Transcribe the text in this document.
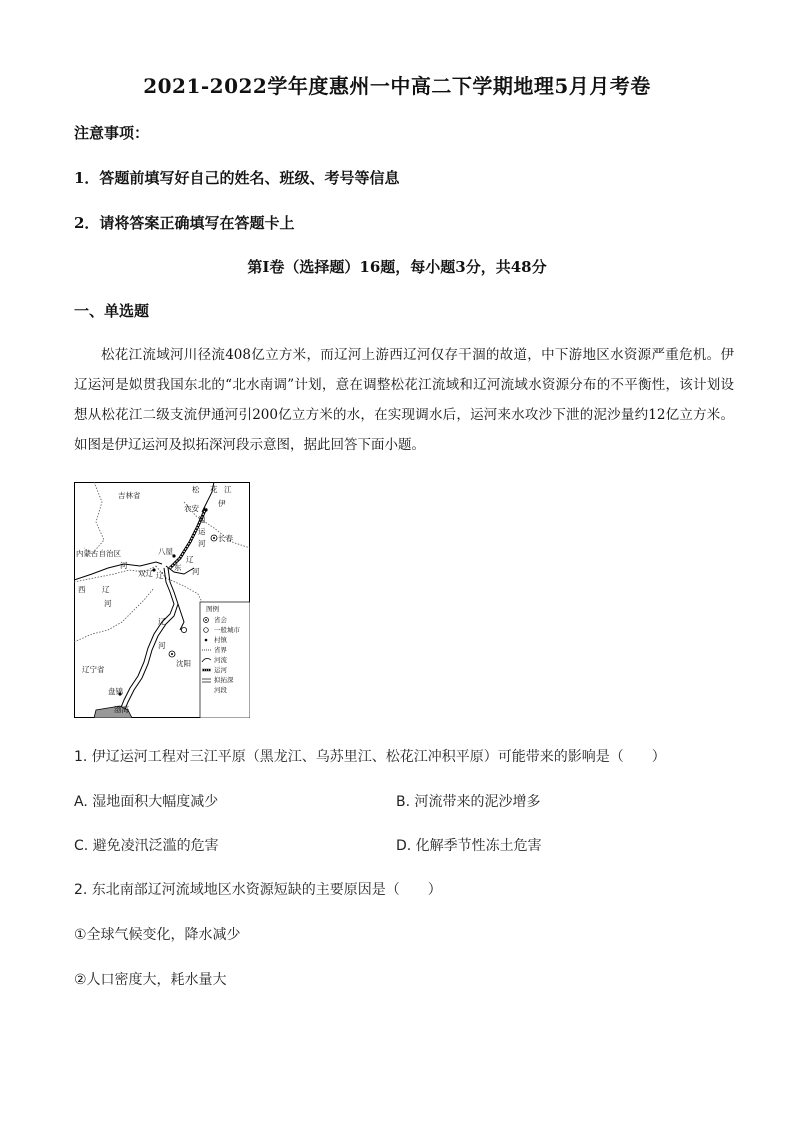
2021-2022学年度惠州一中高二下学期地理5月月考卷
注意事项：
1．答题前填写好自己的姓名、班级、考号等信息
2．请将答案正确填写在答题卡上
第Ⅰ卷（选择题）16题，每小题3分，共48分
一、单选题
松花江流域河川径流408亿立方米，而辽河上游西辽河仅存干涸的故道，中下游地区水资源严重危机。伊辽运河是姒贯我国东北的“北水南调”计划，意在调整松花江流域和辽河流域水资源分布的不平衡性，该计划设想从松花江二级支流伊通河引200亿立方米的水，在实现调水后，运河来水攻沙下泄的泥沙量约12亿立方米。如图是伊辽运河及拟拓深河段示意图，据此回答下面小题。
吉林省
内蒙古自治区
辽宁省
农安
长春
八屋
双辽
沈阳
盘锦
渤海
松 花 江
伊
通
运
河
辽
河
东
辽
河
西 辽
河
辽
河
图例
省会
一般城市
村镇
省界
河流
运河
拟拓深
河段
1. 伊辽运河工程对三江平原（黑龙江、乌苏里江、松花江冲积平原）可能带来的影响是（　　）
A. 湿地面积大幅度减少	B. 河流带来的泥沙增多
C. 避免凌汛泛滥的危害	D. 化解季节性冻土危害
2. 东北南部辽河流域地区水资源短缺的主要原因是（　　）
①全球气候变化，降水减少
②人口密度大，耗水量大
